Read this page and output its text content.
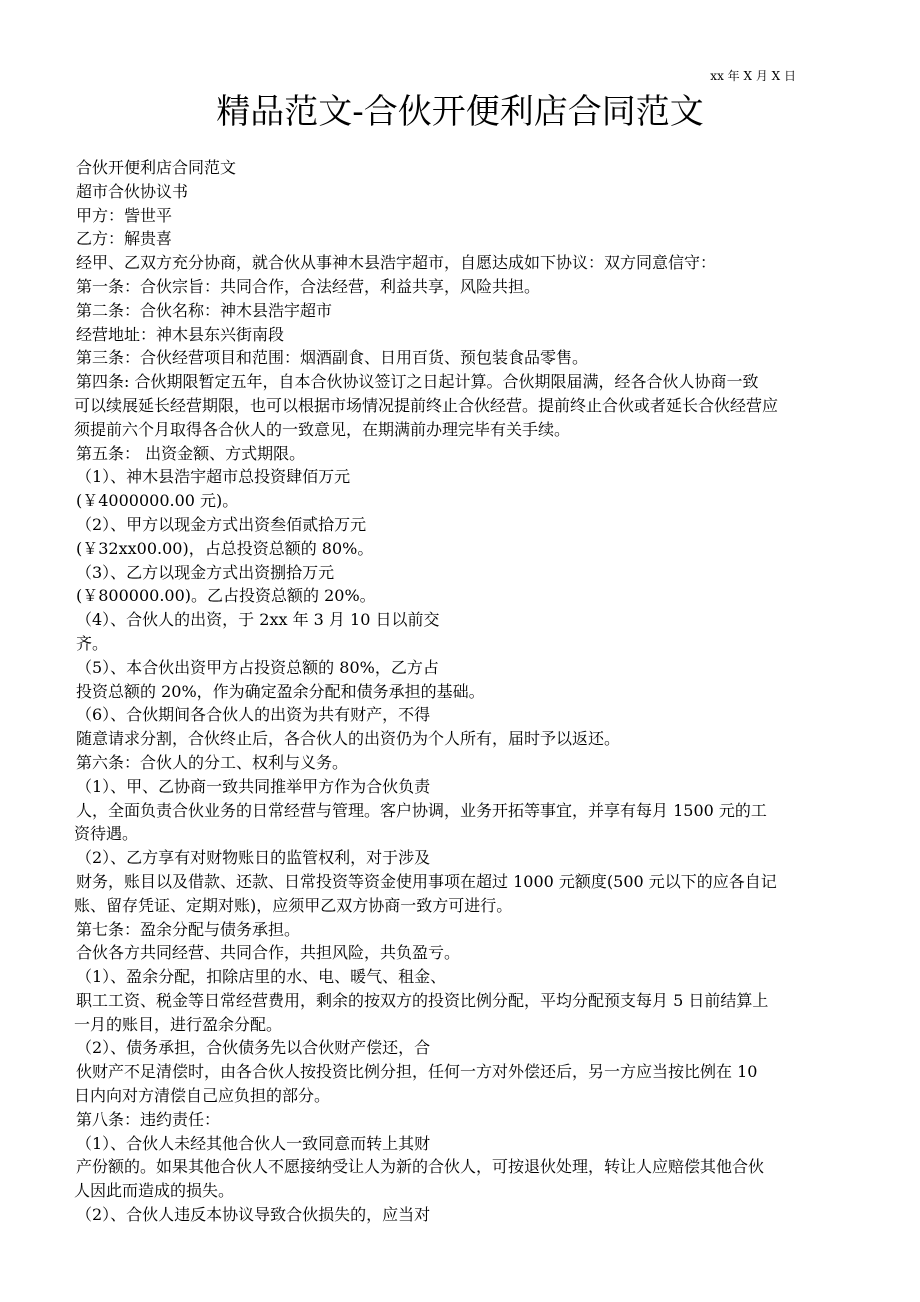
xx 年 X 月 X 日
精品范文-合伙开便利店合同范文
合伙开便利店合同范文
超市合伙协议书
甲方：訾世平
乙方：解贵喜
经甲、乙双方充分协商，就合伙从事神木县浩宇超市，自愿达成如下协议：双方同意信守：
第一条：合伙宗旨：共同合作，合法经营，利益共享，风险共担。
第二条：合伙名称：神木县浩宇超市
经营地址：神木县东兴街南段
第三条：合伙经营项目和范围：烟酒副食、日用百货、预包装食品零售。
第四条: 合伙期限暂定五年，自本合伙协议签订之日起计算。合伙期限届满，经各合伙人协商一致
可以续展延长经营期限，也可以根据市场情况提前终止合伙经营。提前终止合伙或者延长合伙经营应
须提前六个月取得各合伙人的一致意见，在期满前办理完毕有关手续。
第五条： 出资金额、方式期限。
（1）、神木县浩宇超市总投资肆佰万元
(￥4000000.00 元)。
（2）、甲方以现金方式出资叁佰贰拾万元
(￥32xx00.00)，占总投资总额的 80%。
（3）、乙方以现金方式出资捌拾万元
(￥800000.00)。乙占投资总额的 20%。
（4）、合伙人的出资，于 2xx 年 3 月 10 日以前交
齐。
（5）、本合伙出资甲方占投资总额的 80%，乙方占
投资总额的 20%，作为确定盈余分配和债务承担的基础。
（6）、合伙期间各合伙人的出资为共有财产，不得
随意请求分割，合伙终止后，各合伙人的出资仍为个人所有，届时予以返还。
第六条：合伙人的分工、权利与义务。
（1）、甲、乙协商一致共同推举甲方作为合伙负责
人，全面负责合伙业务的日常经营与管理。客户协调，业务开拓等事宜，并享有每月 1500 元的工
资待遇。
（2）、乙方享有对财物账日的监管权利，对于涉及
财务，账目以及借款、还款、日常投资等资金使用事项在超过 1000 元额度(500 元以下的应各自记
账、留存凭证、定期对账)，应须甲乙双方协商一致方可进行。
第七条：盈余分配与债务承担。
合伙各方共同经营、共同合作，共担风险，共负盈亏。
（1）、盈余分配，扣除店里的水、电、暖气、租金、
职工工资、税金等日常经营费用，剩余的按双方的投资比例分配，平均分配预支每月 5 日前结算上
一月的账目，进行盈余分配。
（2）、债务承担，合伙债务先以合伙财产偿还，合
伙财产不足清偿时，由各合伙人按投资比例分担，任何一方对外偿还后，另一方应当按比例在 10
日内向对方清偿自己应负担的部分。
第八条：违约责任：
（1）、合伙人未经其他合伙人一致同意而转上其财
产份额的。如果其他合伙人不愿接纳受让人为新的合伙人，可按退伙处理，转让人应赔偿其他合伙
人因此而造成的损失。
（2）、合伙人违反本协议导致合伙损失的，应当对
